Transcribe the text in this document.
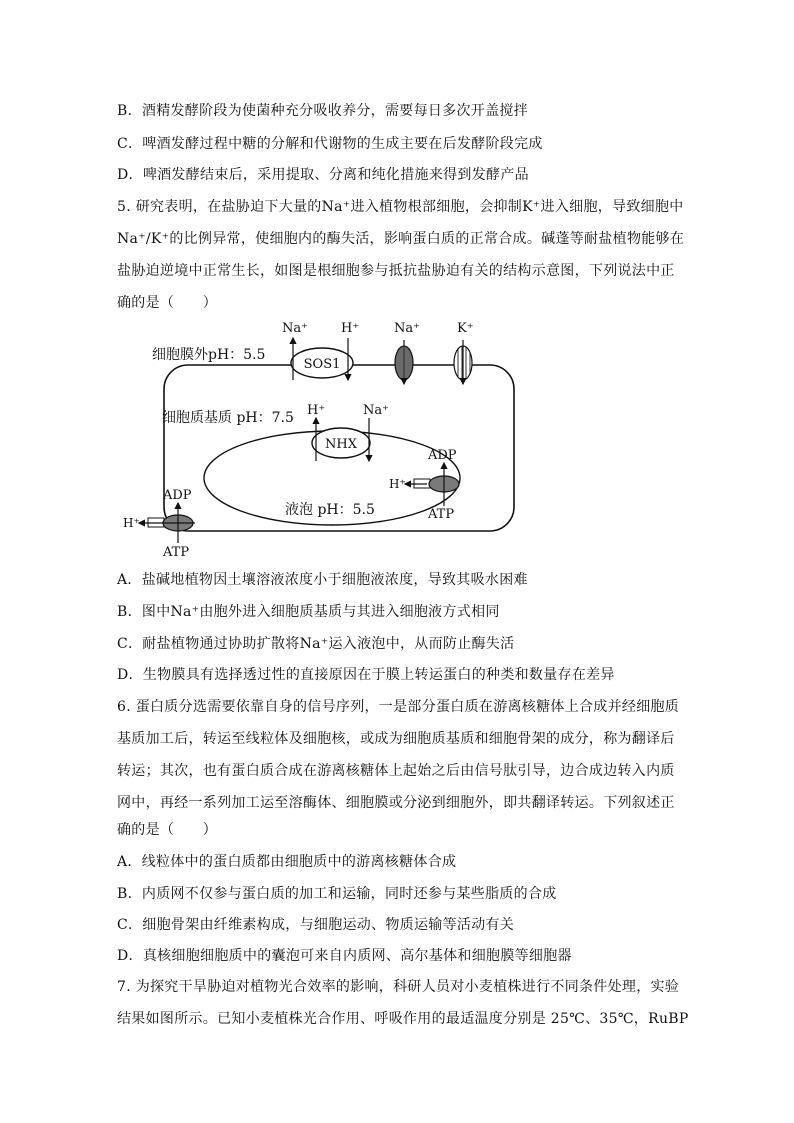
B．酒精发酵阶段为使菌种充分吸收养分，需要每日多次开盖搅拌
C．啤酒发酵过程中糖的分解和代谢物的生成主要在后发酵阶段完成
D．啤酒发酵结束后，采用提取、分离和纯化措施来得到发酵产品
5. 研究表明，在盐胁迫下大量的Na⁺进入植物根部细胞，会抑制K⁺进入细胞，导致细胞中
Na⁺/K⁺的比例异常，使细胞内的酶失活，影响蛋白质的正常合成。碱蓬等耐盐植物能够在
盐胁迫逆境中正常生长，如图是根细胞参与抵抗盐胁迫有关的结构示意图，下列说法中正
确的是（　　）
细胞膜外pH：5.5
细胞质基质 pH：7.5
SOS1
Na⁺	H⁺	Na⁺	K⁺
液泡 pH：5.5
NHX
H⁺	Na⁺
H⁺
ADP
ATP
H⁺
ADP
ATP
A．盐碱地植物因土壤溶液浓度小于细胞液浓度，导致其吸水困难
B．图中Na⁺由胞外进入细胞质基质与其进入细胞液方式相同
C．耐盐植物通过协助扩散将Na⁺运入液泡中，从而防止酶失活
D．生物膜具有选择透过性的直接原因在于膜上转运蛋白的种类和数量存在差异
6. 蛋白质分选需要依靠自身的信号序列，一是部分蛋白质在游离核糖体上合成并经细胞质
基质加工后，转运至线粒体及细胞核，或成为细胞质基质和细胞骨架的成分，称为翻译后
转运；其次，也有蛋白质合成在游离核糖体上起始之后由信号肽引导，边合成边转入内质
网中，再经一系列加工运至溶酶体、细胞膜或分泌到细胞外，即共翻译转运。下列叙述正
确的是（　　）
A．线粒体中的蛋白质都由细胞质中的游离核糖体合成
B．内质网不仅参与蛋白质的加工和运输，同时还参与某些脂质的合成
C．细胞骨架由纤维素构成，与细胞运动、物质运输等活动有关
D．真核细胞细胞质中的囊泡可来自内质网、高尔基体和细胞膜等细胞器
7. 为探究干旱胁迫对植物光合效率的影响，科研人员对小麦植株进行不同条件处理，实验
结果如图所示。已知小麦植株光合作用、呼吸作用的最适温度分别是 25℃、35℃，RuBP
